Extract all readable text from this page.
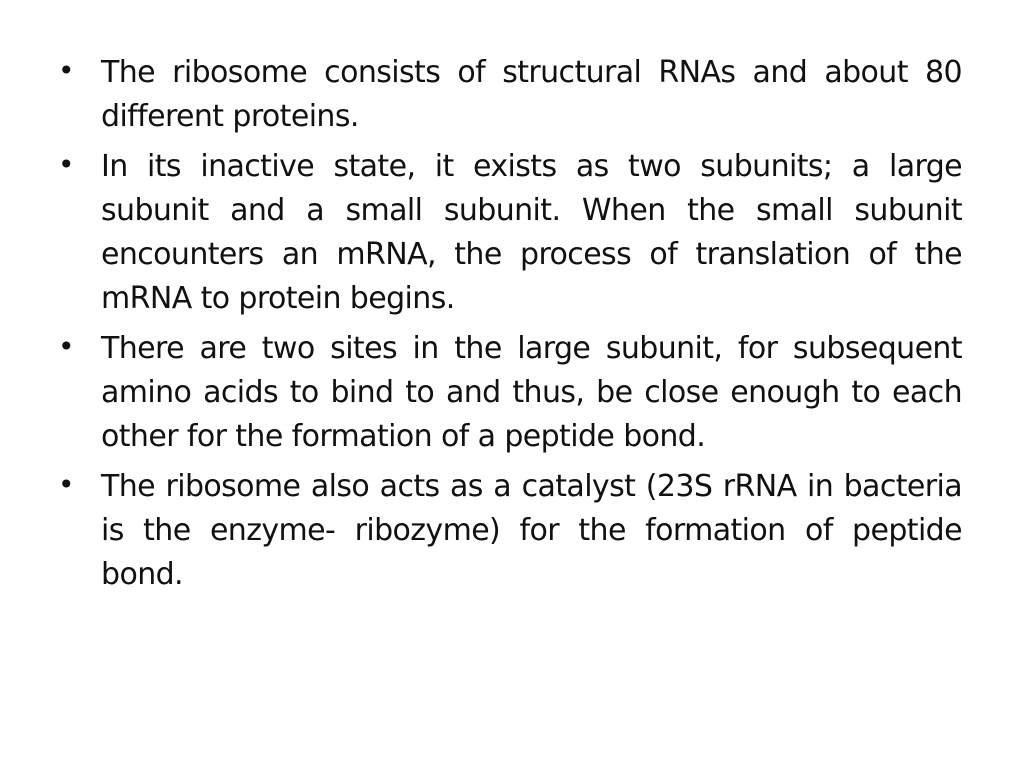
• The ribosome consists of structural RNAs and about 80 different proteins.
• In its inactive state, it exists as two subunits; a large subunit and a small subunit. When the small subunit encounters an mRNA, the process of translation of the mRNA to protein begins.
• There are two sites in the large subunit, for subsequent amino acids to bind to and thus, be close enough to each other for the formation of a peptide bond.
• The ribosome also acts as a catalyst (23S rRNA in bacteria is the enzyme- ribozyme) for the formation of peptide bond.
